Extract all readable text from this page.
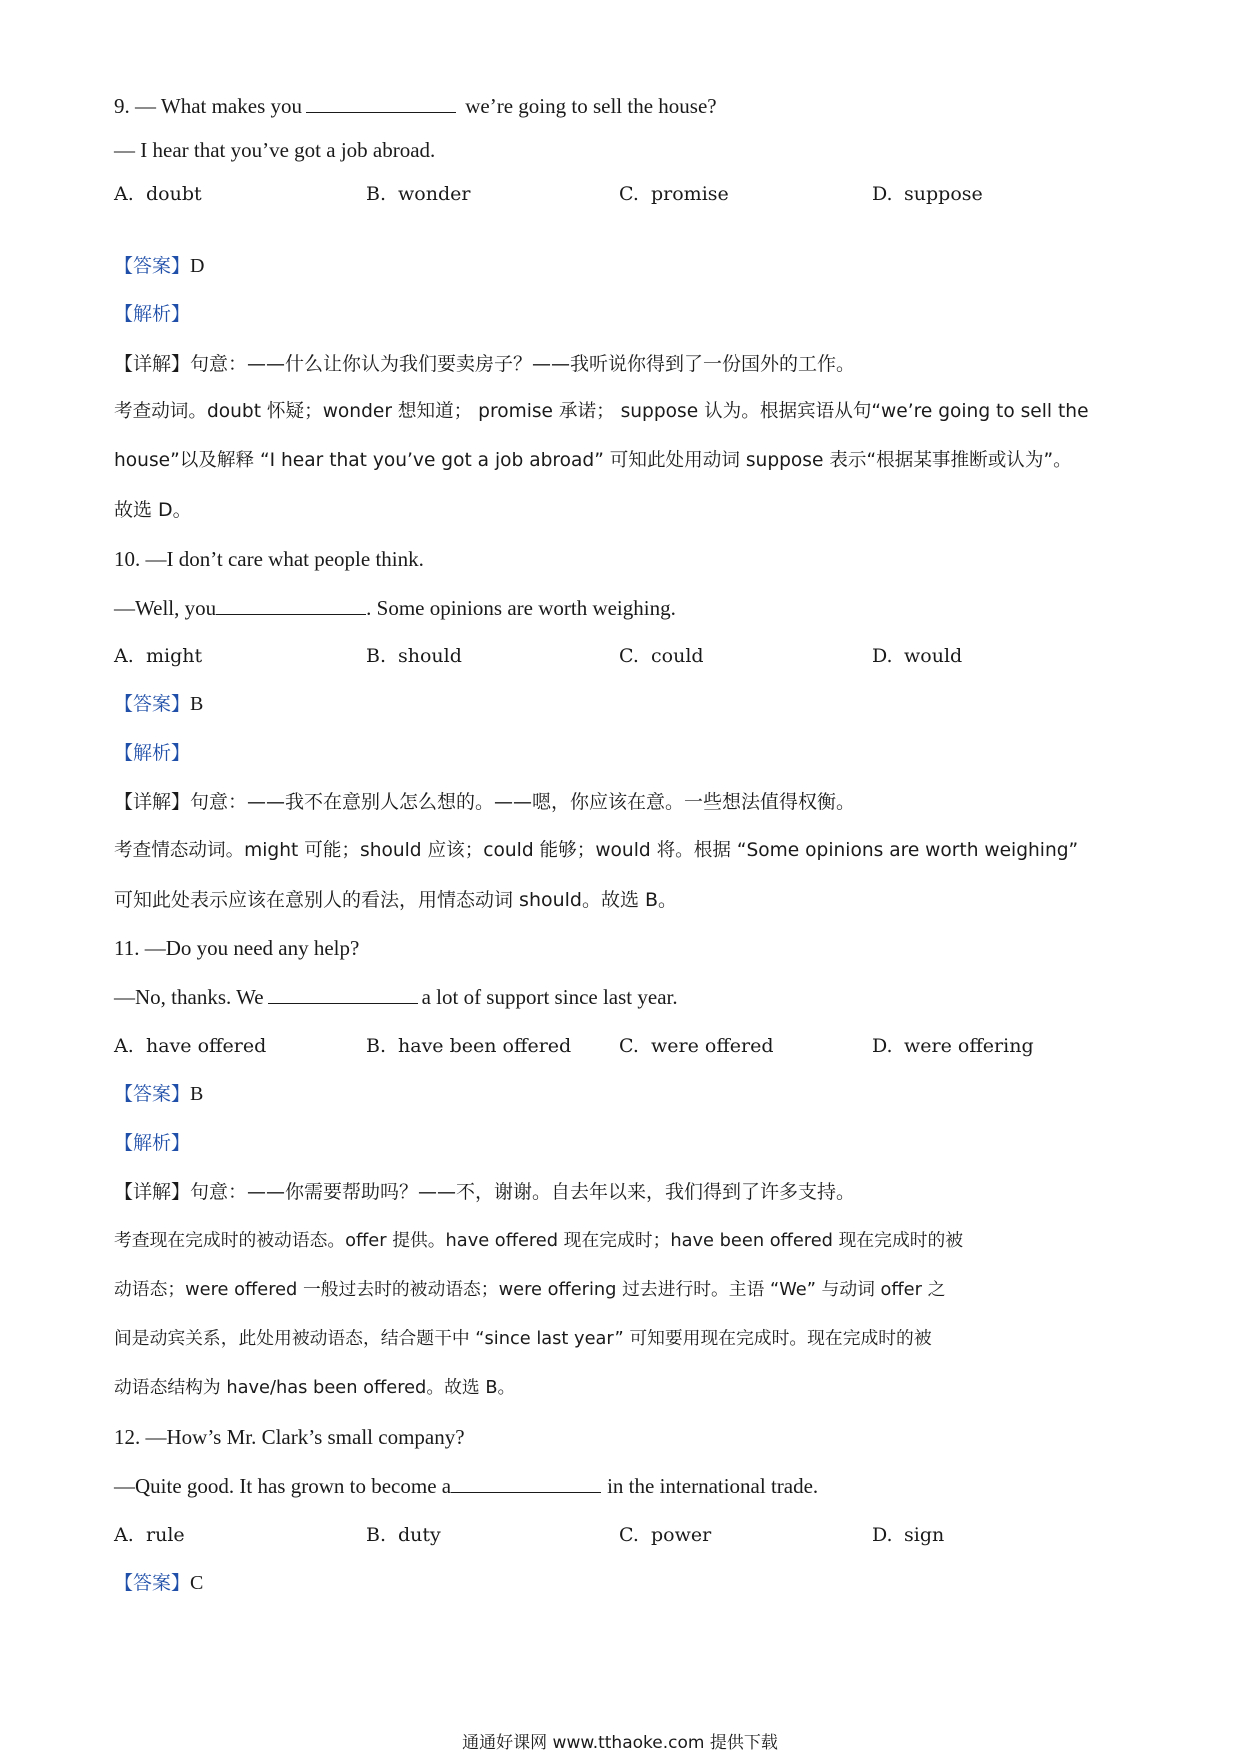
9. — What makes you	we’re going to sell the house?
— I hear that you’ve got a job abroad.
A. doubt	B. wonder	C. promise	D. suppose
【答案】D
【解析】
【详解】句意：——什么让你认为我们要卖房子？——我听说你得到了一份国外的工作。
考查动词。doubt 怀疑；wonder 想知道； promise 承诺； suppose 认为。根据宾语从句“we’re going to sell the
house”以及解释 “I hear that you’ve got a job abroad” 可知此处用动词 suppose 表示“根据某事推断或认为”。
故选 D。
10. —I don’t care what people think.
—Well, you	. Some opinions are worth weighing.
A. might	B. should	C. could	D. would
【答案】B
【解析】
【详解】句意：——我不在意别人怎么想的。——嗯，你应该在意。一些想法值得权衡。
考查情态动词。might 可能；should 应该；could 能够；would 将。根据 “Some opinions are worth weighing”
可知此处表示应该在意别人的看法，用情态动词 should。故选 B。
11. —Do you need any help?
—No, thanks. We	a lot of support since last year.
A. have offered	B. have been offered	C. were offered	D. were offering
【答案】B
【解析】
【详解】句意：——你需要帮助吗？——不，谢谢。自去年以来，我们得到了许多支持。
考查现在完成时的被动语态。offer 提供。have offered 现在完成时；have been offered 现在完成时的被
动语态；were offered 一般过去时的被动语态；were offering 过去进行时。主语 “We” 与动词 offer 之
间是动宾关系，此处用被动语态，结合题干中 “since last year” 可知要用现在完成时。现在完成时的被
动语态结构为 have/has been offered。故选 B。
12. —How’s Mr. Clark’s small company?
—Quite good. It has grown to become a	in the international trade.
A. rule	B. duty	C. power	D. sign
【答案】C
通通好课网 www.tthaoke.com 提供下载
